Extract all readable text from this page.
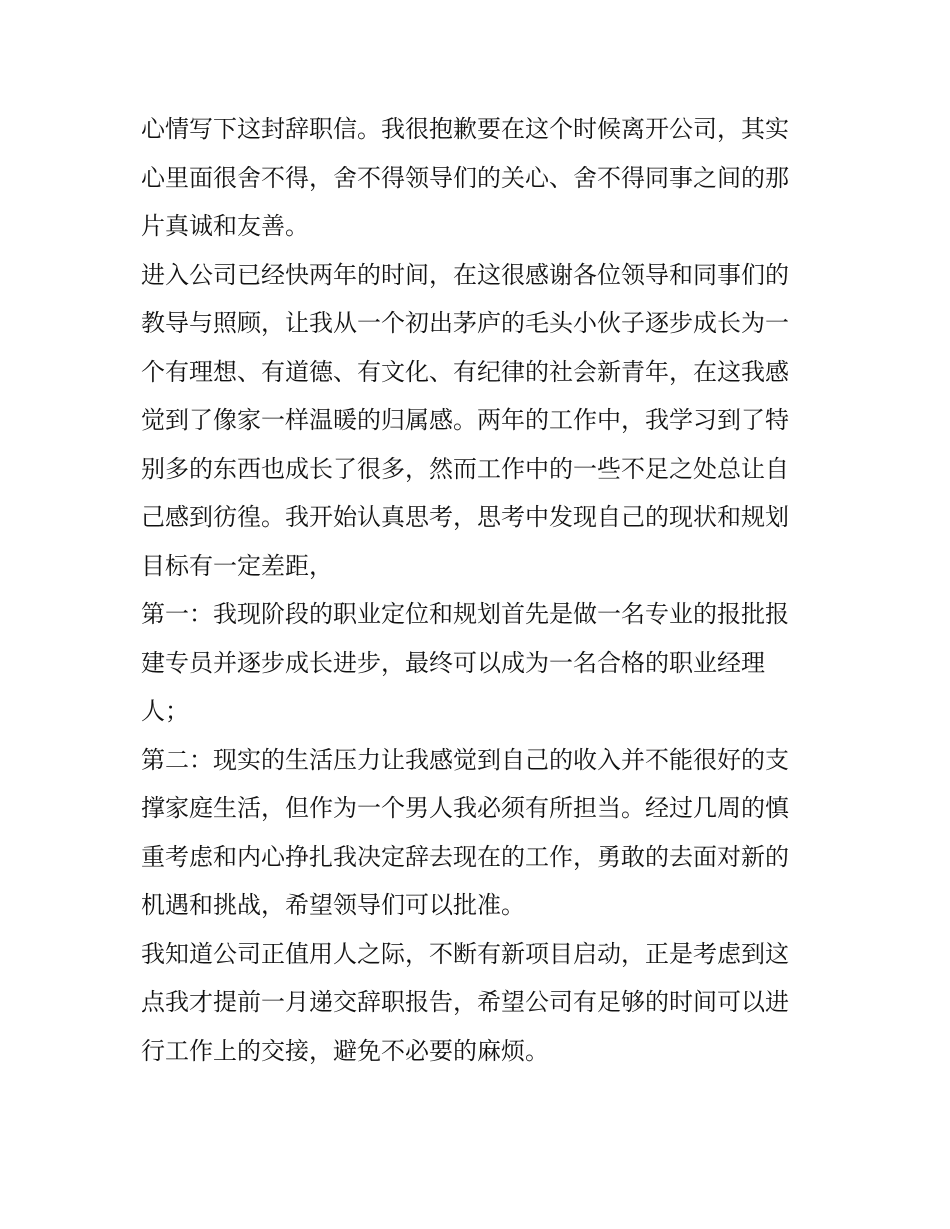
心情写下这封辞职信。我很抱歉要在这个时候离开公司，其实
心里面很舍不得，舍不得领导们的关心、舍不得同事之间的那
片真诚和友善。
进入公司已经快两年的时间，在这很感谢各位领导和同事们的
教导与照顾，让我从一个初出茅庐的毛头小伙子逐步成长为一
个有理想、有道德、有文化、有纪律的社会新青年，在这我感
觉到了像家一样温暖的归属感。两年的工作中，我学习到了特
别多的东西也成长了很多，然而工作中的一些不足之处总让自
己感到彷徨。我开始认真思考，思考中发现自己的现状和规划
目标有一定差距，
第一：我现阶段的职业定位和规划首先是做一名专业的报批报
建专员并逐步成长进步，最终可以成为一名合格的职业经理
人；
第二：现实的生活压力让我感觉到自己的收入并不能很好的支
撑家庭生活，但作为一个男人我必须有所担当。经过几周的慎
重考虑和内心挣扎我决定辞去现在的工作，勇敢的去面对新的
机遇和挑战，希望领导们可以批准。
我知道公司正值用人之际，不断有新项目启动，正是考虑到这
点我才提前一月递交辞职报告，希望公司有足够的时间可以进
行工作上的交接，避免不必要的麻烦。
